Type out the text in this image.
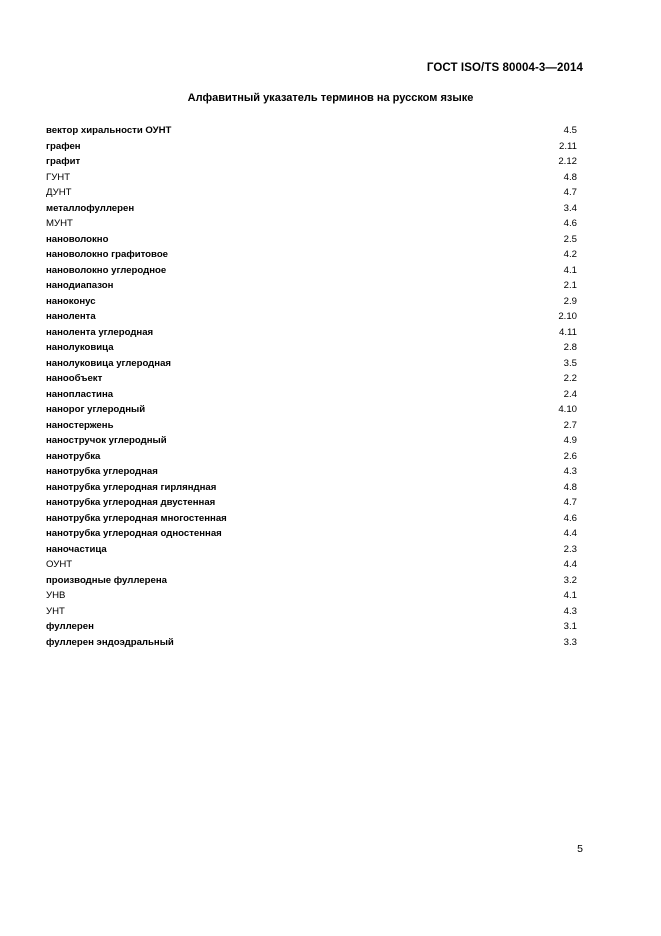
ГОСТ ISO/TS 80004-3—2014
Алфавитный указатель терминов на русском языке
вектор хиральности ОУНТ	4.5
графен	2.11
графит	2.12
ГУНТ	4.8
ДУНТ	4.7
металлофуллерен	3.4
МУНТ	4.6
нановолокно	2.5
нановолокно графитовое	4.2
нановолокно углеродное	4.1
нанодиапазон	2.1
наноконус	2.9
нанолента	2.10
нанолента углеродная	4.11
нанолуковица	2.8
нанолуковица углеродная	3.5
нанообъект	2.2
нанопластина	2.4
нанорог углеродный	4.10
наностержень	2.7
наностручок углеродный	4.9
нанотрубка	2.6
нанотрубка углеродная	4.3
нанотрубка углеродная гирляндная	4.8
нанотрубка углеродная двустенная	4.7
нанотрубка углеродная многостенная	4.6
нанотрубка углеродная одностенная	4.4
наночастица	2.3
ОУНТ	4.4
производные фуллерена	3.2
УНВ	4.1
УНТ	4.3
фуллерен	3.1
фуллерен эндоэдральный	3.3
5
